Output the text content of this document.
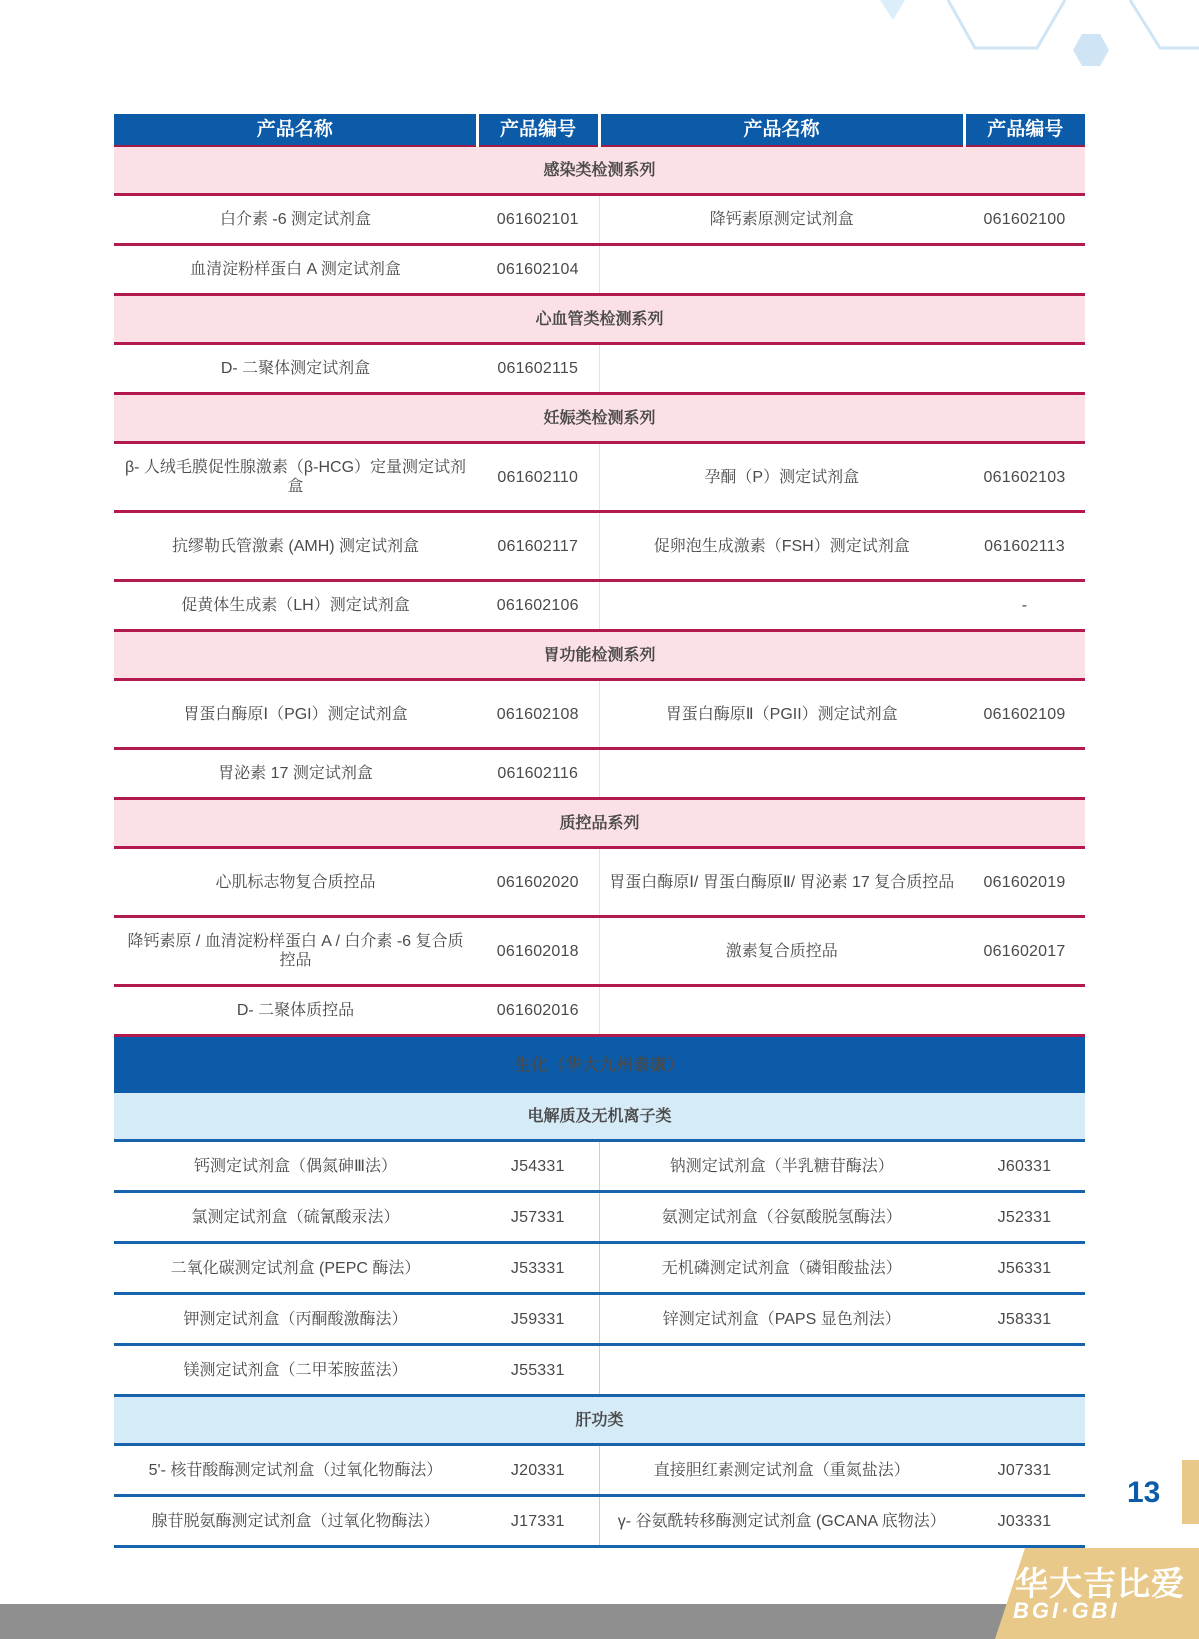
产品名称	产品编号	产品名称	产品编号
感染类检测系列			
白介素 -6 测定试剂盒	061602101	降钙素原测定试剂盒	061602100
血清淀粉样蛋白 A 测定试剂盒	061602104		
心血管类检测系列			
D- 二聚体测定试剂盒	061602115		
妊娠类检测系列			
β- 人绒毛膜促性腺激素（β-HCG）定量测定试剂盒	061602110	孕酮（P）测定试剂盒	061602103
抗缪勒氏管激素 (AMH) 测定试剂盒	061602117	促卵泡生成激素（FSH）测定试剂盒	061602113
促黄体生成素（LH）测定试剂盒	061602106		-
胃功能检测系列			
胃蛋白酶原Ⅰ（PGI）测定试剂盒	061602108	胃蛋白酶原Ⅱ（PGII）测定试剂盒	061602109
胃泌素 17 测定试剂盒	061602116		
质控品系列			
心肌标志物复合质控品	061602020	胃蛋白酶原Ⅰ/ 胃蛋白酶原Ⅱ/ 胃泌素 17 复合质控品	061602019
降钙素原 / 血清淀粉样蛋白 A / 白介素 -6 复合质控品	061602018	激素复合质控品	061602017
D- 二聚体质控品	061602016		
生化（华大九州泰康）			
电解质及无机离子类			
钙测定试剂盒（偶氮砷Ⅲ法）	J54331	钠测定试剂盒（半乳糖苷酶法）	J60331
氯测定试剂盒（硫氰酸汞法）	J57331	氨测定试剂盒（谷氨酸脱氢酶法）	J52331
二氧化碳测定试剂盒 (PEPC 酶法）	J53331	无机磷测定试剂盒（磷钼酸盐法）	J56331
钾测定试剂盒（丙酮酸激酶法）	J59331	锌测定试剂盒（PAPS 显色剂法）	J58331
镁测定试剂盒（二甲苯胺蓝法）	J55331		
肝功类			
5'- 核苷酸酶测定试剂盒（过氧化物酶法）	J20331	直接胆红素测定试剂盒（重氮盐法）	J07331
腺苷脱氨酶测定试剂盒（过氧化物酶法）	J17331	γ- 谷氨酰转移酶测定试剂盒 (GCANA 底物法）	J03331
13
华大吉比爱
BGI·GBI
